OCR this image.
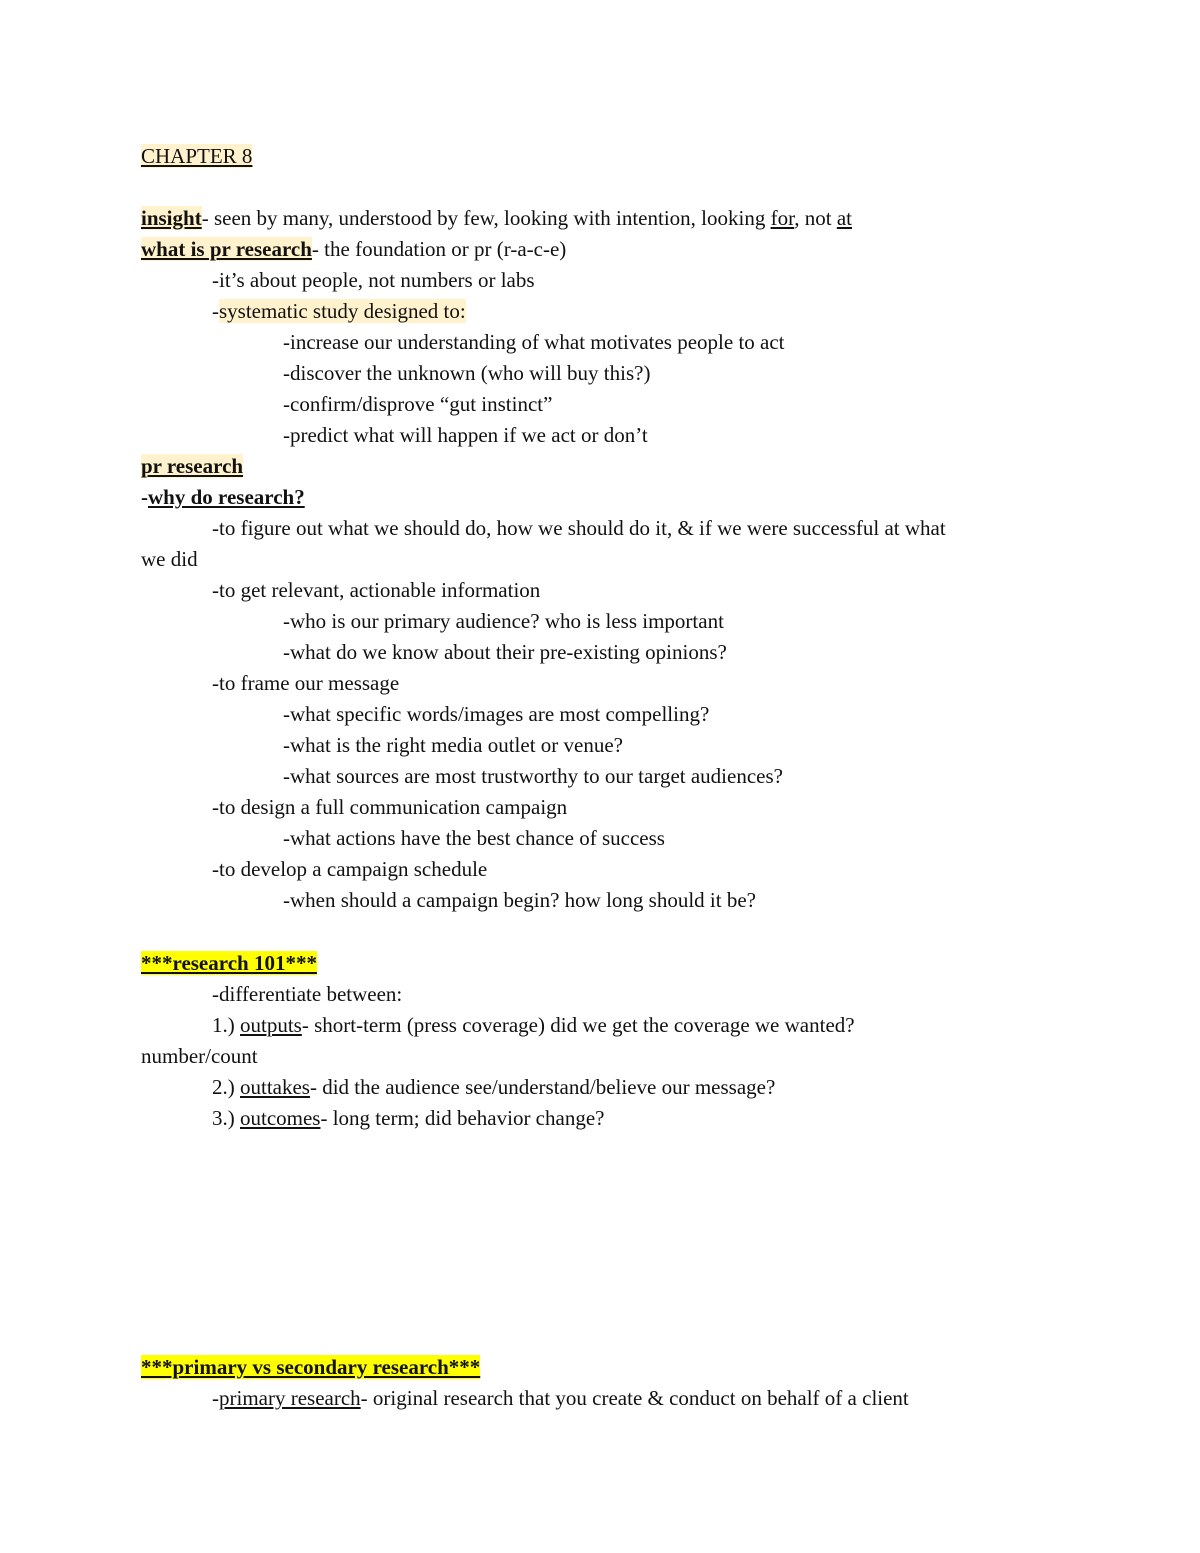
CHAPTER 8
insight- seen by many, understood by few, looking with intention, looking for, not at
what is pr research- the foundation or pr (r-a-c-e)
-it’s about people, not numbers or labs
-systematic study designed to:
-increase our understanding of what motivates people to act
-discover the unknown (who will buy this?)
-confirm/disprove “gut instinct”
-predict what will happen if we act or don’t
pr research
-why do research?
-to figure out what we should do, how we should do it, & if we were successful at what
we did
-to get relevant, actionable information
-who is our primary audience? who is less important
-what do we know about their pre-existing opinions?
-to frame our message
-what specific words/images are most compelling?
-what is the right media outlet or venue?
-what sources are most trustworthy to our target audiences?
-to design a full communication campaign
-what actions have the best chance of success
-to develop a campaign schedule
-when should a campaign begin? how long should it be?
***research 101***
-differentiate between:
1.) outputs- short-term (press coverage) did we get the coverage we wanted?
number/count
2.) outtakes- did the audience see/understand/believe our message?
3.) outcomes- long term; did behavior change?
***primary vs secondary research***
-primary research- original research that you create & conduct on behalf of a client
